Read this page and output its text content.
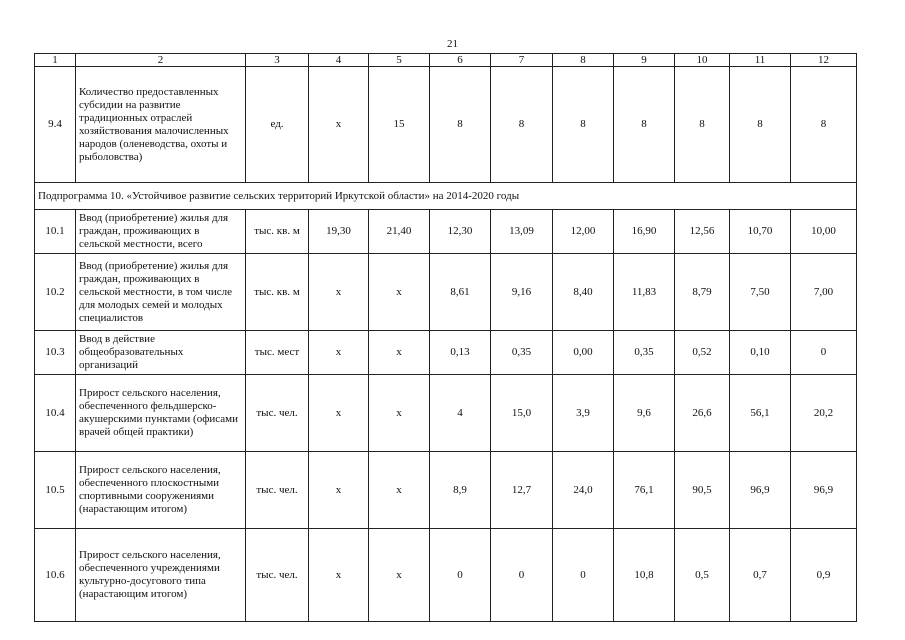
21
1	2	3	4	5	6	7	8	9	10	11	12
9.4	Количество предоставленных субсидии на развитие традиционных отраслей хозяйствования малочисленных народов (оленеводства, охоты и рыболовства)	ед.	х	15	8	8	8	8	8	8	8
Подпрограмма 10. «Устойчивое развитие сельских территорий Иркутской области» на 2014-2020 годы											
10.1	Ввод (приобретение) жилья для граждан, проживающих в сельской местности, всего	тыс. кв. м	19,30	21,40	12,30	13,09	12,00	16,90	12,56	10,70	10,00
10.2	Ввод (приобретение) жилья для граждан, проживающих в сельской местности, в том числе для молодых семей и молодых специалистов	тыс. кв. м	х	х	8,61	9,16	8,40	11,83	8,79	7,50	7,00
10.3	Ввод в действие общеобразовательных организаций	тыс. мест	х	х	0,13	0,35	0,00	0,35	0,52	0,10	0
10.4	Прирост сельского населения, обеспеченного фельдшерско-акушерскими пунктами (офисами врачей общей практики)	тыс. чел.	х	х	4	15,0	3,9	9,6	26,6	56,1	20,2
10.5	Прирост сельского населения, обеспеченного плоскостными спортивными сооружениями (нарастающим итогом)	тыс. чел.	х	х	8,9	12,7	24,0	76,1	90,5	96,9	96,9
10.6	Прирост сельского населения, обеспеченного учреждениями культурно-досугового типа (нарастающим итогом)	тыс. чел.	х	х	0	0	0	10,8	0,5	0,7	0,9
